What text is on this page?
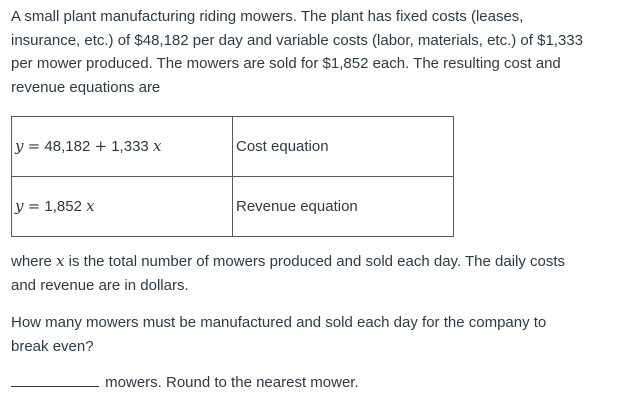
A small plant manufacturing riding mowers. The plant has fixed costs (leases,
insurance, etc.) of $48,182 per day and variable costs (labor, materials, etc.) of $1,333
per mower produced. The mowers are sold for $1,852 each. The resulting cost and
revenue equations are

y = 48,182 + 1,333 x	Cost equation
y = 1,852 x	Revenue equation

where x is the total number of mowers produced and sold each day. The daily costs
and revenue are in dollars.

How many mowers must be manufactured and sold each day for the company to
break even?

mowers. Round to the nearest mower.
